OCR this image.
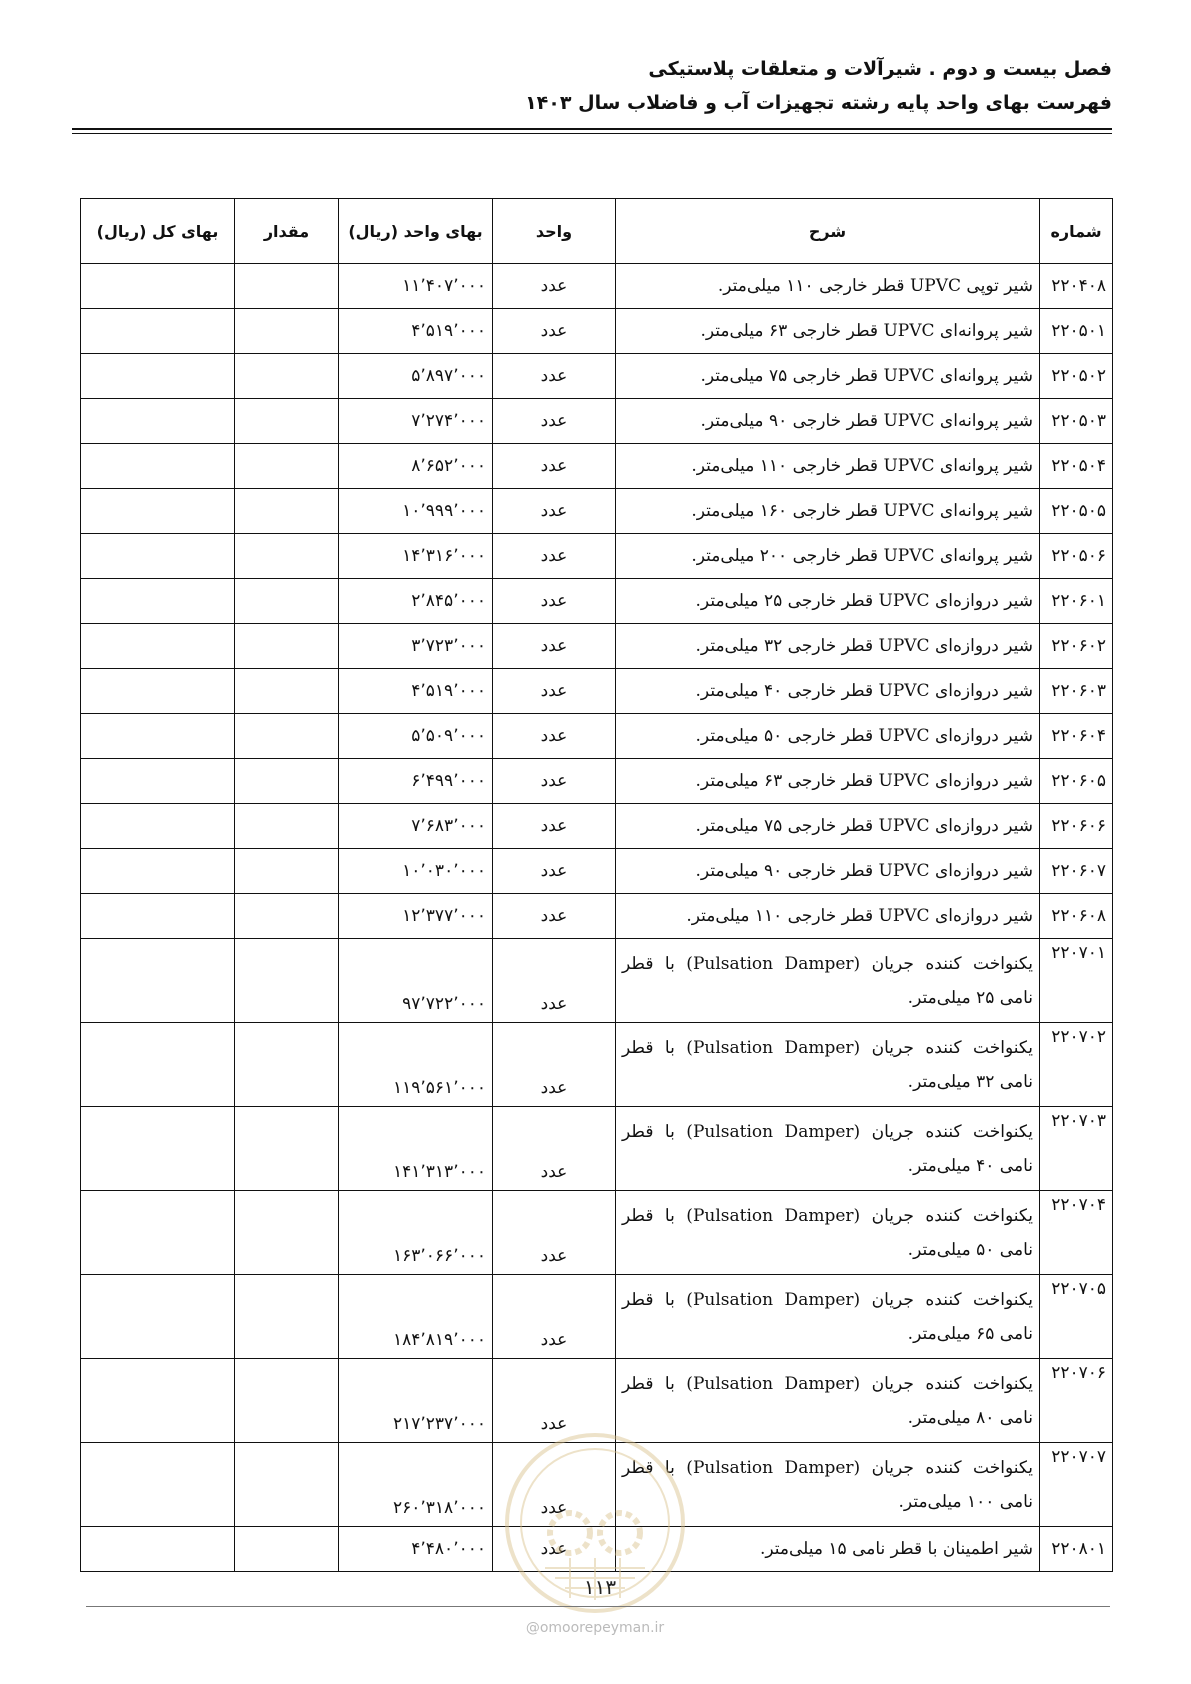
فصل بیست و دوم . شیرآلات و متعلقات پلاستیکی
فهرست بهای واحد پایه رشته تجهیزات آب و فاضلاب سال ۱۴۰۳
شماره	شرح	واحد	بهای واحد (ریال)	مقدار	بهای کل (ریال)
۲۲۰۴۰۸	شیر توپی UPVC قطر خارجی ۱۱۰ میلی‌متر.	عدد	۱۱٬۴۰۷٬۰۰۰		
۲۲۰۵۰۱	شیر پروانه‌ای UPVC قطر خارجی ۶۳ میلی‌متر.	عدد	۴٬۵۱۹٬۰۰۰		
۲۲۰۵۰۲	شیر پروانه‌ای UPVC قطر خارجی ۷۵ میلی‌متر.	عدد	۵٬۸۹۷٬۰۰۰		
۲۲۰۵۰۳	شیر پروانه‌ای UPVC قطر خارجی ۹۰ میلی‌متر.	عدد	۷٬۲۷۴٬۰۰۰		
۲۲۰۵۰۴	شیر پروانه‌ای UPVC قطر خارجی ۱۱۰ میلی‌متر.	عدد	۸٬۶۵۲٬۰۰۰		
۲۲۰۵۰۵	شیر پروانه‌ای UPVC قطر خارجی ۱۶۰ میلی‌متر.	عدد	۱۰٬۹۹۹٬۰۰۰		
۲۲۰۵۰۶	شیر پروانه‌ای UPVC قطر خارجی ۲۰۰ میلی‌متر.	عدد	۱۴٬۳۱۶٬۰۰۰		
۲۲۰۶۰۱	شیر دروازه‌ای UPVC قطر خارجی ۲۵ میلی‌متر.	عدد	۲٬۸۴۵٬۰۰۰		
۲۲۰۶۰۲	شیر دروازه‌ای UPVC قطر خارجی ۳۲ میلی‌متر.	عدد	۳٬۷۲۳٬۰۰۰		
۲۲۰۶۰۳	شیر دروازه‌ای UPVC قطر خارجی ۴۰ میلی‌متر.	عدد	۴٬۵۱۹٬۰۰۰		
۲۲۰۶۰۴	شیر دروازه‌ای UPVC قطر خارجی ۵۰ میلی‌متر.	عدد	۵٬۵۰۹٬۰۰۰		
۲۲۰۶۰۵	شیر دروازه‌ای UPVC قطر خارجی ۶۳ میلی‌متر.	عدد	۶٬۴۹۹٬۰۰۰		
۲۲۰۶۰۶	شیر دروازه‌ای UPVC قطر خارجی ۷۵ میلی‌متر.	عدد	۷٬۶۸۳٬۰۰۰		
۲۲۰۶۰۷	شیر دروازه‌ای UPVC قطر خارجی ۹۰ میلی‌متر.	عدد	۱۰٬۰۳۰٬۰۰۰		
۲۲۰۶۰۸	شیر دروازه‌ای UPVC قطر خارجی ۱۱۰ میلی‌متر.	عدد	۱۲٬۳۷۷٬۰۰۰		
۲۲۰۷۰۱	یکنواخت کننده جریان (Pulsation Damper) با قطر نامی ۲۵ میلی‌متر.	عدد	۹۷٬۷۲۲٬۰۰۰		
۲۲۰۷۰۲	یکنواخت کننده جریان (Pulsation Damper) با قطر نامی ۳۲ میلی‌متر.	عدد	۱۱۹٬۵۶۱٬۰۰۰		
۲۲۰۷۰۳	یکنواخت کننده جریان (Pulsation Damper) با قطر نامی ۴۰ میلی‌متر.	عدد	۱۴۱٬۳۱۳٬۰۰۰		
۲۲۰۷۰۴	یکنواخت کننده جریان (Pulsation Damper) با قطر نامی ۵۰ میلی‌متر.	عدد	۱۶۳٬۰۶۶٬۰۰۰		
۲۲۰۷۰۵	یکنواخت کننده جریان (Pulsation Damper) با قطر نامی ۶۵ میلی‌متر.	عدد	۱۸۴٬۸۱۹٬۰۰۰		
۲۲۰۷۰۶	یکنواخت کننده جریان (Pulsation Damper) با قطر نامی ۸۰ میلی‌متر.	عدد	۲۱۷٬۲۳۷٬۰۰۰		
۲۲۰۷۰۷	یکنواخت کننده جریان (Pulsation Damper) با قطر نامی ۱۰۰ میلی‌متر.	عدد	۲۶۰٬۳۱۸٬۰۰۰		
۲۲۰۸۰۱	شیر اطمینان با قطر نامی ۱۵ میلی‌متر.	عدد	۴٬۴۸۰٬۰۰۰		
۱۱۳
@omoorepeyman.ir
